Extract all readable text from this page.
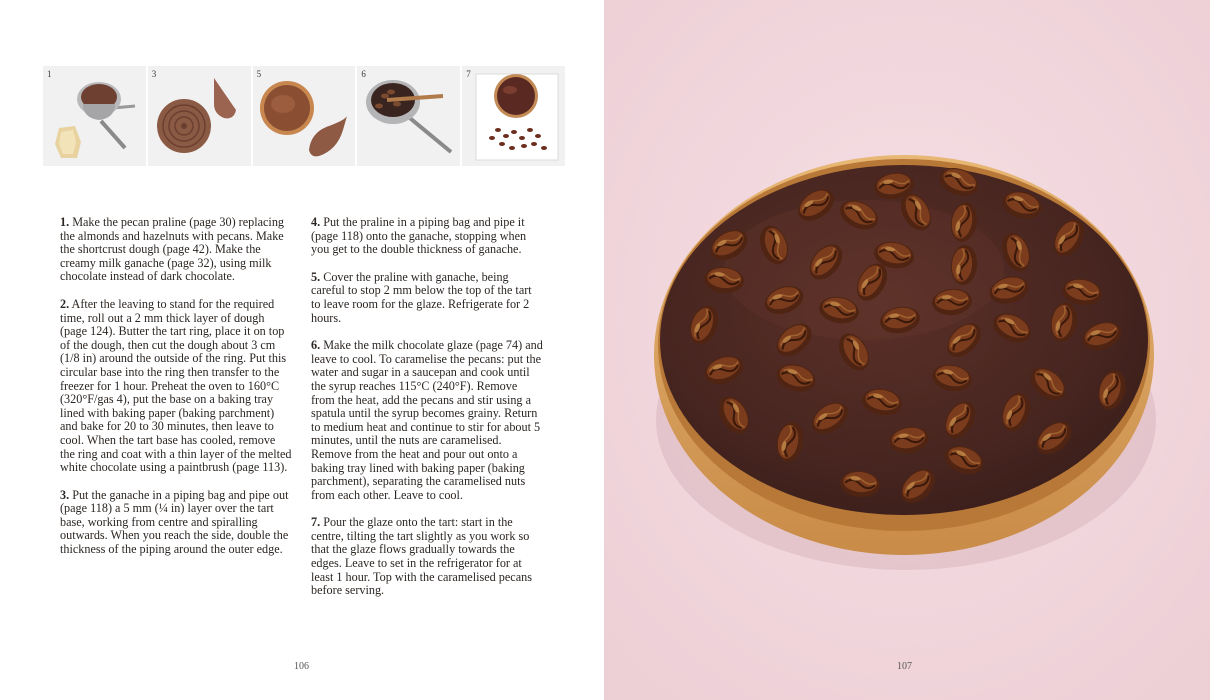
1	3	5	6	7

1. Make the pecan praline (page 30) replacing the almonds and hazelnuts with pecans. Make the shortcrust dough (page 42). Make the creamy milk ganache (page 32), using milk chocolate instead of dark chocolate.

2. After the leaving to stand for the required time, roll out a 2 mm thick layer of dough (page 124). Butter the tart ring, place it on top of the dough, then cut the dough about 3 cm (1/8 in) around the outside of the ring. Put this circular base into the ring then transfer to the freezer for 1 hour. Preheat the oven to 160°C (320°F/gas 4), put the base on a baking tray lined with baking paper (baking parchment) and bake for 20 to 30 minutes, then leave to cool. When the tart base has cooled, remove the ring and coat with a thin layer of the melted white chocolate using a paintbrush (page 113).

3. Put the ganache in a piping bag and pipe out (page 118) a 5 mm (¼ in) layer over the tart base, working from centre and spiralling outwards. When you reach the side, double the thickness of the piping around the outer edge.

4. Put the praline in a piping bag and pipe it (page 118) onto the ganache, stopping when you get to the double thickness of ganache.

5. Cover the praline with ganache, being careful to stop 2 mm below the top of the tart to leave room for the glaze. Refrigerate for 2 hours.

6. Make the milk chocolate glaze (page 74) and leave to cool. To caramelise the pecans: put the water and sugar in a saucepan and cook until the syrup reaches 115°C (240°F). Remove from the heat, add the pecans and stir using a spatula until the syrup becomes grainy. Return to medium heat and continue to stir for about 5 minutes, until the nuts are caramelised. Remove from the heat and pour out onto a baking tray lined with baking paper (baking parchment), separating the caramelised nuts from each other. Leave to cool.

7. Pour the glaze onto the tart: start in the centre, tilting the tart slightly as you work so that the glaze flows gradually towards the edges. Leave to set in the refrigerator for at least 1 hour. Top with the caramelised pecans before serving.

106	107
